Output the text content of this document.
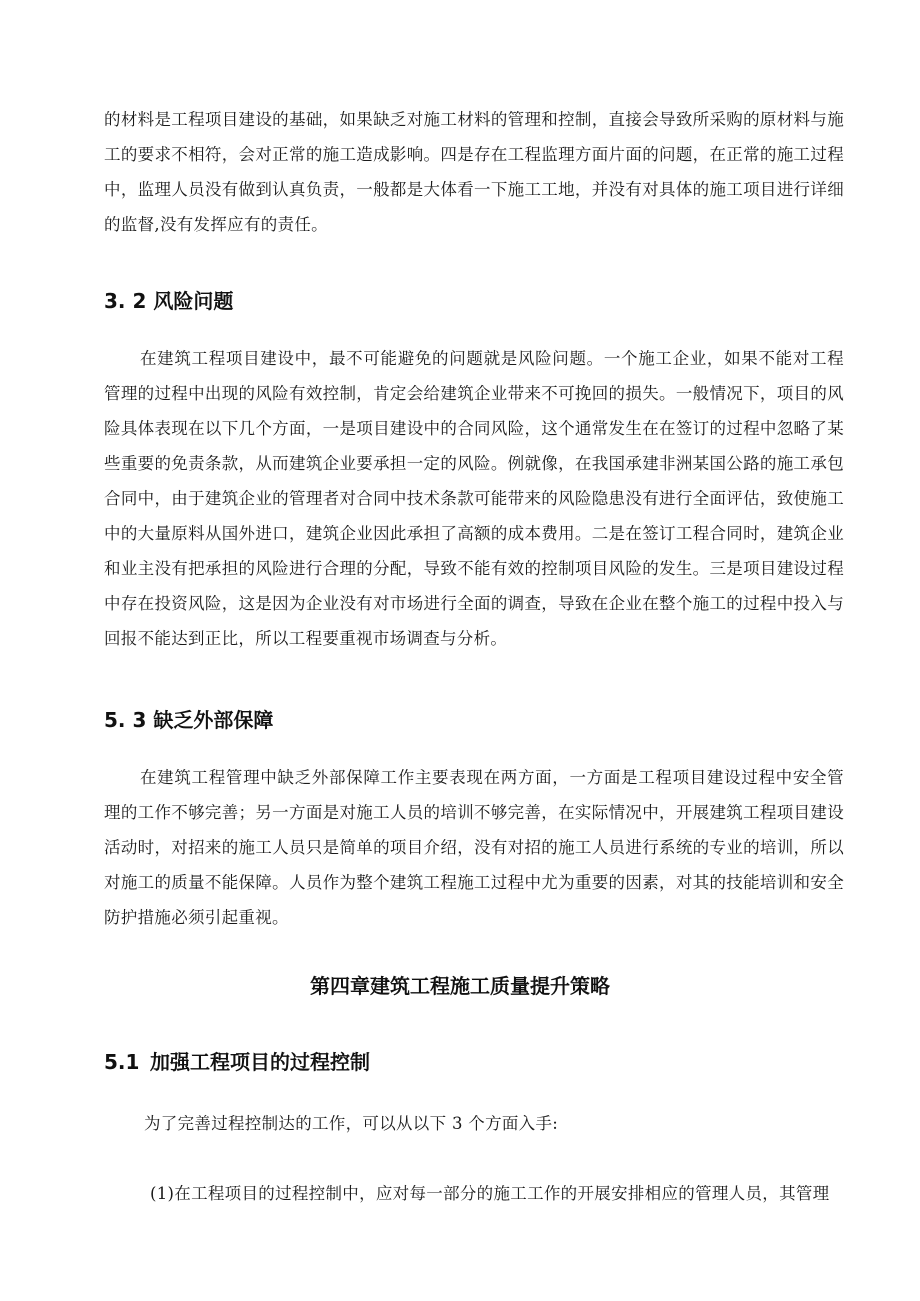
的材料是工程项目建设的基础，如果缺乏对施工材料的管理和控制，直接会导致所采购的原材料与施工的要求不相符，会对正常的施工造成影响。四是存在工程监理方面片面的问题，在正常的施工过程中，监理人员没有做到认真负责，一般都是大体看一下施工工地，并没有对具体的施工项目进行详细的监督,没有发挥应有的责任。

3. 2 风险问题

在建筑工程项目建设中，最不可能避免的问题就是风险问题。一个施工企业，如果不能对工程管理的过程中出现的风险有效控制，肯定会给建筑企业带来不可挽回的损失。一般情况下，项目的风险具体表现在以下几个方面，一是项目建设中的合同风险，这个通常发生在在签订的过程中忽略了某些重要的免责条款，从而建筑企业要承担一定的风险。例就像，在我国承建非洲某国公路的施工承包合同中，由于建筑企业的管理者对合同中技术条款可能带来的风险隐患没有进行全面评估，致使施工中的大量原料从国外进口，建筑企业因此承担了高额的成本费用。二是在签订工程合同时，建筑企业和业主没有把承担的风险进行合理的分配，导致不能有效的控制项目风险的发生。三是项目建设过程中存在投资风险，这是因为企业没有对市场进行全面的调查，导致在企业在整个施工的过程中投入与回报不能达到正比，所以工程要重视市场调查与分析。

5. 3 缺乏外部保障

在建筑工程管理中缺乏外部保障工作主要表现在两方面，一方面是工程项目建设过程中安全管理的工作不够完善；另一方面是对施工人员的培训不够完善，在实际情况中，开展建筑工程项目建设活动时，对招来的施工人员只是简单的项目介绍，没有对招的施工人员进行系统的专业的培训，所以对施工的质量不能保障。人员作为整个建筑工程施工过程中尤为重要的因素，对其的技能培训和安全防护措施必须引起重视。

第四章建筑工程施工质量提升策略
5.1 加强工程项目的过程控制

为了完善过程控制达的工作，可以从以下 3 个方面入手:

(1)在工程项目的过程控制中，应对每一部分的施工工作的开展安排相应的管理人员，其管理
